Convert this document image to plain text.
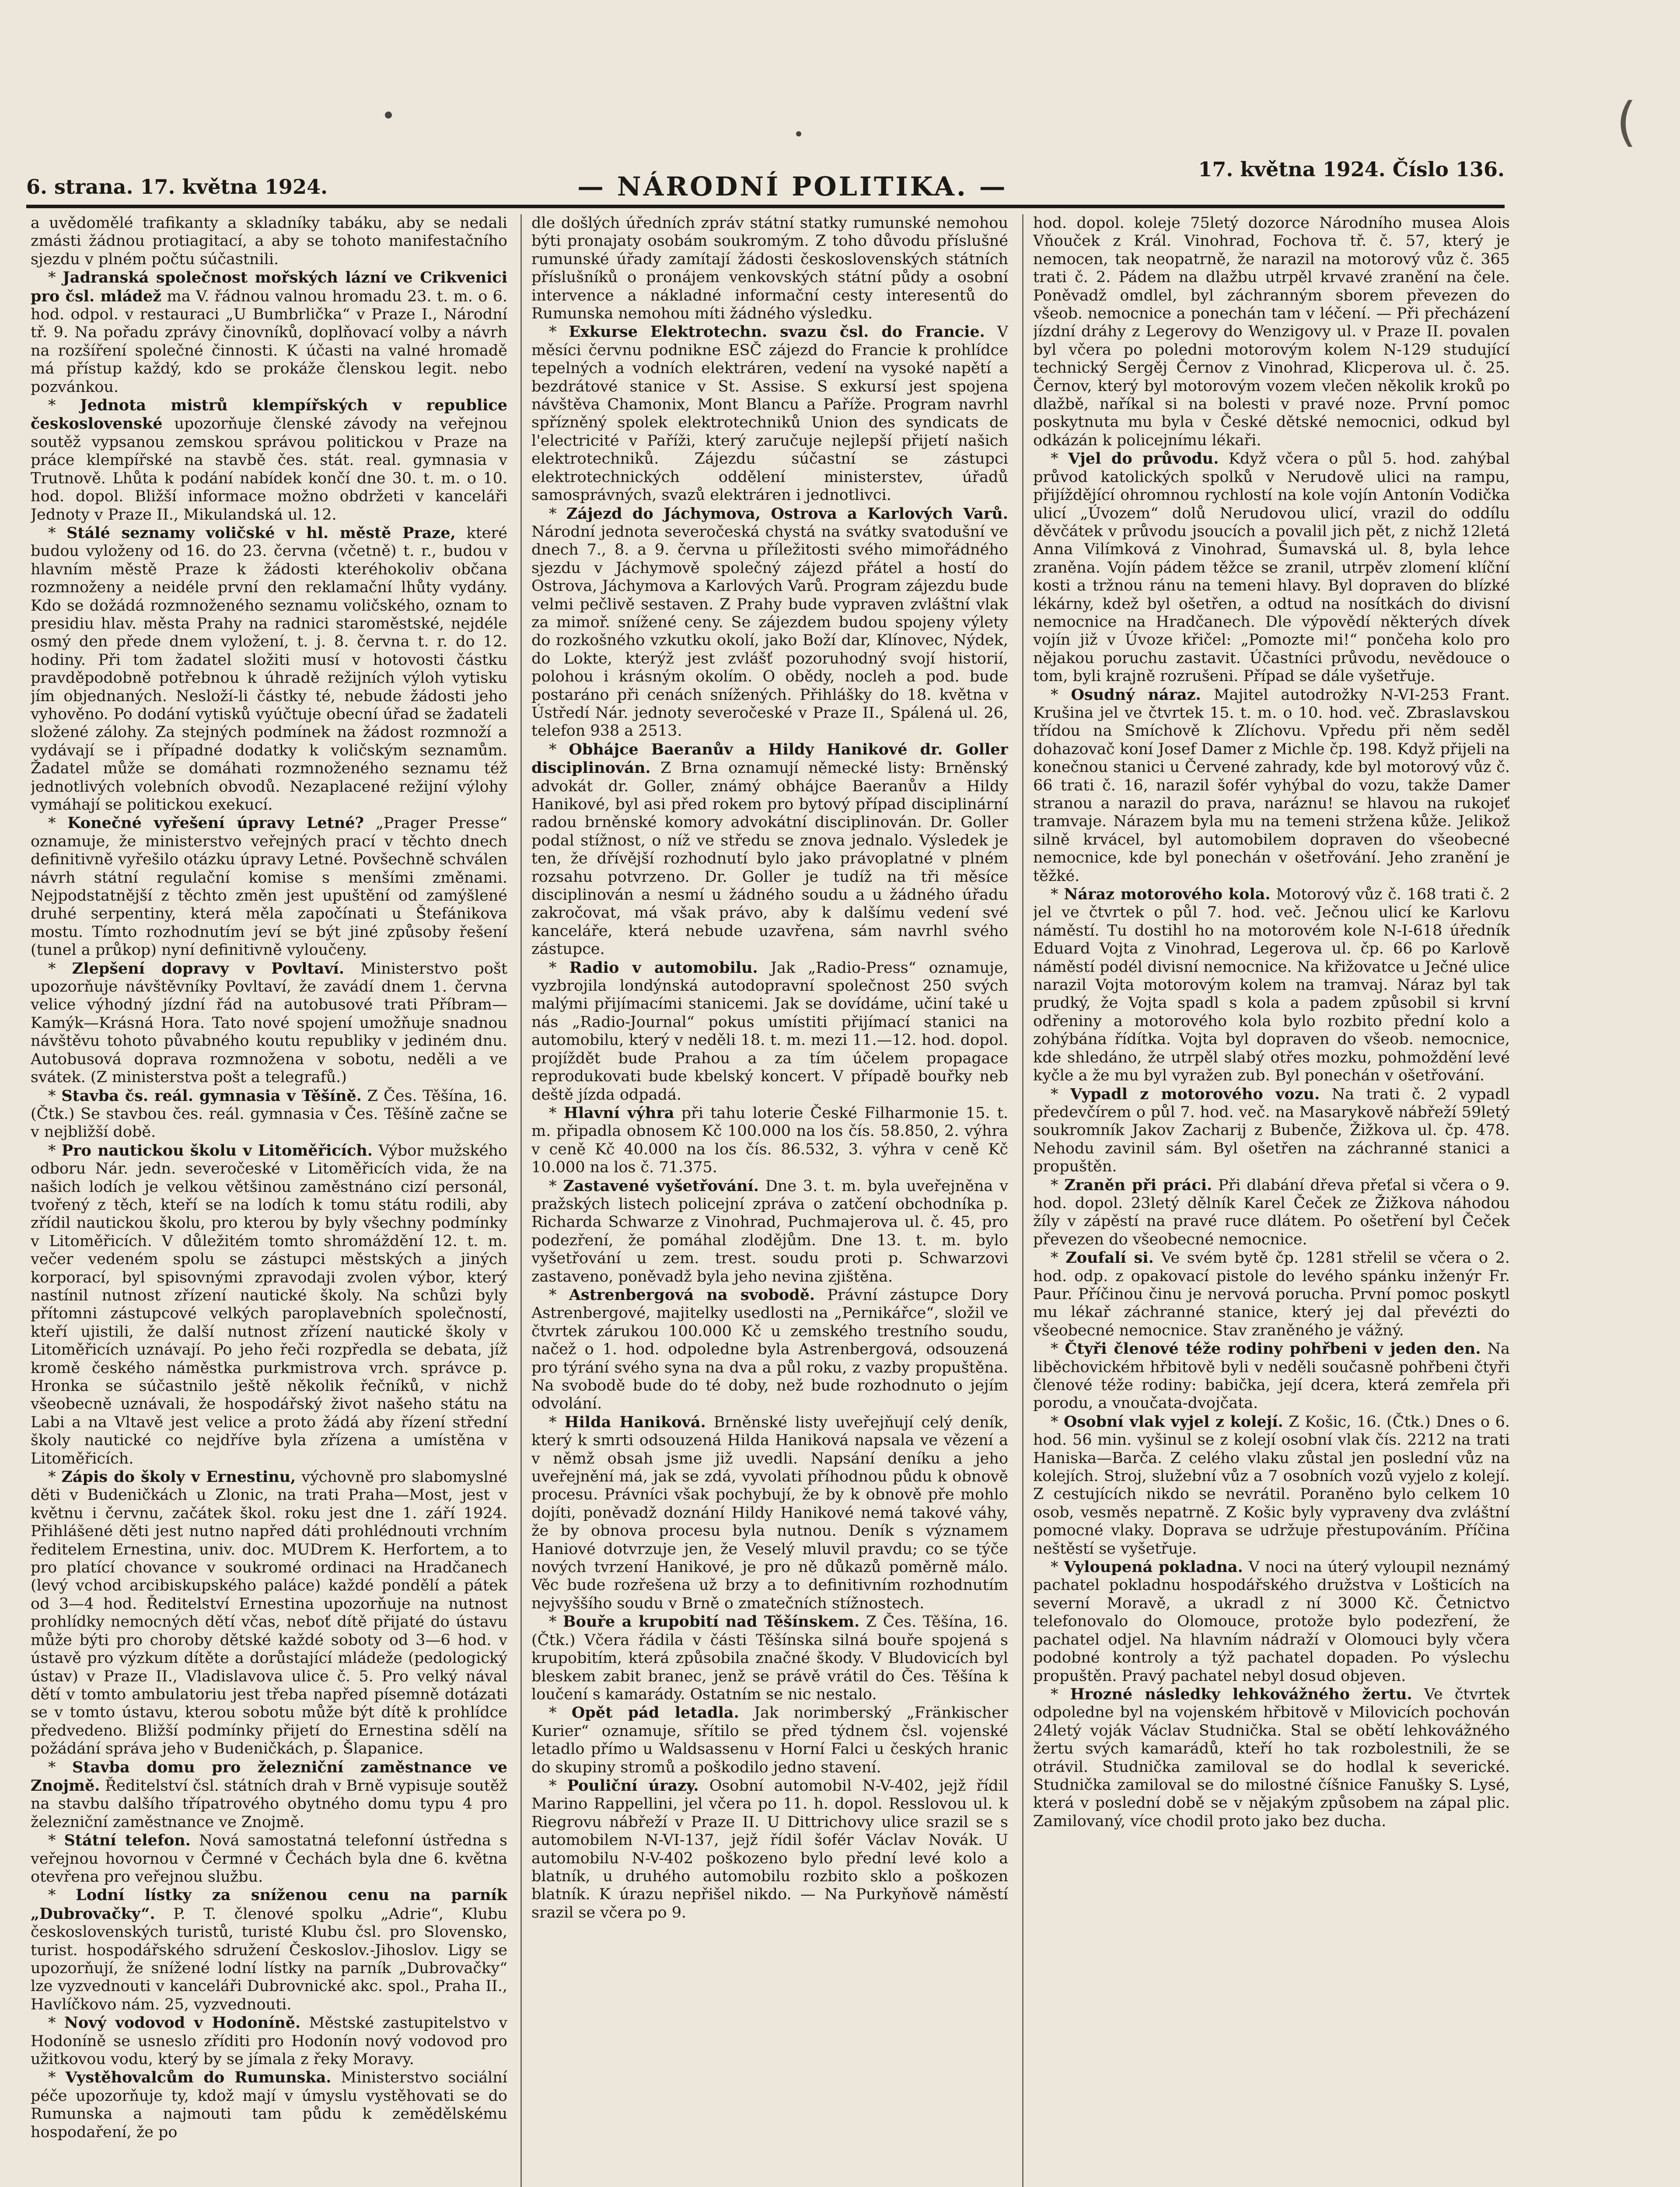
(
6. strana. 17. května 1924.	— NÁRODNÍ POLITIKA. —
17. května 1924. Číslo 136.

a uvědomělé trafikanty a skladníky tabáku, aby se nedali zmásti žádnou protiagitací, a aby se tohoto manifestačního sjezdu v plném počtu súčastnili.

* Jadranská společnost mořských lázní ve Crikvenici pro čsl. mládež ma V. řádnou valnou hromadu 23. t. m. o 6. hod. odpol. v restauraci „U Bumbrlička“ v Praze I., Národní tř. 9. Na pořadu zprávy činovníků, doplňovací volby a návrh na rozšíření společné činnosti. K účasti na valné hromadě má přístup každý, kdo se prokáže členskou legit. nebo pozvánkou.

* Jednota mistrů klempířských v republice československé upozorňuje členské závody na veřejnou soutěž vypsanou zemskou správou politickou v Praze na práce klempířské na stavbě čes. stát. real. gymnasia v Trutnově. Lhůta k podání nabídek končí dne 30. t. m. o 10. hod. dopol. Bližší informace možno obdržeti v kanceláři Jednoty v Praze II., Mikulandská ul. 12.

* Stálé seznamy voličské v hl. městě Praze, které budou vyloženy od 16. do 23. června (včetně) t. r., budou v hlavním městě Praze k žádosti kteréhokoliv občana rozmnoženy a neidéle první den reklamační lhůty vydány. Kdo se dožádá rozmnoženého seznamu voličského, oznam to presidiu hlav. města Prahy na radnici staroměstské, nejdéle osmý den přede dnem vyložení, t. j. 8. června t. r. do 12. hodiny. Při tom žadatel složiti musí v hotovosti částku pravděpodobně potřebnou k úhradě režijních výloh vytisku jím objednaných. Nesloží-li částky té, nebude žádosti jeho vyhověno. Po dodání vytisků vyúčtuje obecní úřad se žadateli složené zálohy. Za stejných podmínek na žádost rozmnoží a vydávají se i případné dodatky k voličským seznamům. Žadatel může se domáhati rozmnoženého seznamu též jednotlivých volebních obvodů. Nezaplacené režijní výlohy vymáhají se politickou exekucí.

* Konečné vyřešení úpravy Letné? „Prager Presse“ oznamuje, že ministerstvo veřejných prací v těchto dnech definitivně vyřešilo otázku úpravy Letné. Povšechně schválen návrh státní regulační komise s menšími změnami. Nejpodstatnější z těchto změn jest upuštění od zamýšlené druhé serpentiny, která měla započínati u Štefánikova mostu. Tímto rozhodnutím jeví se být jiné způsoby řešení (tunel a průkop) nyní definitivně vyloučeny.

* Zlepšení dopravy v Povltaví. Ministerstvo pošt upozorňuje návštěvníky Povltaví, že zavádí dnem 1. června velice výhodný jízdní řád na autobusové trati Příbram—Kamýk—Krásná Hora. Tato nové spojení umožňuje snadnou návštěvu tohoto půvabného koutu republiky v jediném dnu. Autobusová doprava rozmnožena v sobotu, neděli a ve svátek. (Z ministerstva pošt a telegrafů.)

* Stavba čs. reál. gymnasia v Těšíně. Z Čes. Těšína, 16. (Čtk.) Se stavbou čes. reál. gymnasia v Čes. Těšíně začne se v nejbližší době.

* Pro nautickou školu v Litoměřicích. Výbor mužského odboru Nár. jedn. severočeské v Litoměřicích vida, že na našich lodích je velkou většinou zaměstnáno cizí personál, tvořený z těch, kteří se na lodích k tomu státu rodili, aby zřídil nautickou školu, pro kterou by byly všechny podmínky v Litoměřicích. V důležitém tomto shromáždění 12. t. m. večer vedeném spolu se zástupci městských a jiných korporací, byl spisovnými zpravodaji zvolen výbor, který nastínil nutnost zřízení nautické školy. Na schůzi byly přítomni zástupcové velkých paroplavebních společností, kteří ujistili, že další nutnost zřízení nautické školy v Litoměřicích uznávají. Po jeho řeči rozpředla se debata, jíž kromě českého náměstka purkmistrova vrch. správce p. Hronka se súčastnilo ještě několik řečníků, v nichž všeobecně uznávali, že hospodářský život našeho státu na Labi a na Vltavě jest velice a proto žádá aby řízení střední školy nautické co nejdříve byla zřízena a umístěna v Litoměřicích.

* Zápis do školy v Ernestinu, výchovně pro slabomyslné děti v Budeničkách u Zlonic, na trati Praha—Most, jest v květnu i červnu, začátek škol. roku jest dne 1. září 1924. Přihlášené děti jest nutno napřed dáti prohlédnouti vrchním ředitelem Ernestina, univ. doc. MUDrem K. Herfortem, a to pro platící chovance v soukromé ordinaci na Hradčanech (levý vchod arcibiskupského paláce) každé pondělí a pátek od 3—4 hod. Ředitelství Ernestina upozorňuje na nutnost prohlídky nemocných dětí včas, neboť dítě přijaté do ústavu může býti pro choroby dětské každé soboty od 3—6 hod. v ústavě pro výzkum dítěte a dorůstající mládeže (pedologický ústav) v Praze II., Vladislavova ulice č. 5. Pro velký nával dětí v tomto ambulatoriu jest třeba napřed písemně dotázati se v tomto ústavu, kterou sobotu může být dítě k prohlídce předvedeno. Bližší podmínky přijetí do Ernestina sdělí na požádání správa jeho v Budeničkách, p. Šlapanice.

* Stavba domu pro železniční zaměstnance ve Znojmě. Ředitelství čsl. státních drah v Brně vypisuje soutěž na stavbu dalšího třípatrového obytného domu typu 4 pro železniční zaměstnance ve Znojmě.

* Státní telefon. Nová samostatná telefonní ústředna s veřejnou hovornou v Čermné v Čechách byla dne 6. května otevřena pro veřejnou službu.

* Lodní lístky za sníženou cenu na parník „Dubrovačky“. P. T. členové spolku „Adrie“, Klubu československých turistů, turisté Klubu čsl. pro Slovensko, turist. hospodářského sdružení Českoslov.-Jihoslov. Ligy se upozorňují, že snížené lodní lístky na parník „Dubrovačky“ lze vyzvednouti v kanceláři Dubrovnické akc. spol., Praha II., Havlíčkovo nám. 25, vyzvednouti.

* Nový vodovod v Hodoníně. Městské zastupitelstvo v Hodoníně se usneslo zříditi pro Hodonín nový vodovod pro užitkovou vodu, který by se jímala z řeky Moravy.

* Vystěhovalcům do Rumunska. Ministerstvo sociální péče upozorňuje ty, kdož mají v úmyslu vystěhovati se do Rumunska a najmouti tam půdu k zemědělskému hospodaření, že po

dle došlých úředních zpráv státní statky rumunské nemohou býti pronajaty osobám soukromým. Z toho důvodu příslušné rumunské úřady zamítají žádosti československých státních příslušníků o pronájem venkovských státní půdy a osobní intervence a nákladné informační cesty interesentů do Rumunska nemohou míti žádného výsledku.

* Exkurse Elektrotechn. svazu čsl. do Francie. V měsíci červnu podnikne ESČ zájezd do Francie k prohlídce tepelných a vodních elektráren, vedení na vysoké napětí a bezdrátové stanice v St. Assise. S exkursí jest spojena návštěva Chamonix, Mont Blancu a Paříže. Program navrhl spřízněný spolek elektrotechniků Union des syndicats de l'electricité v Paříži, který zaručuje nejlepší přijetí našich elektrotechniků. Zájezdu súčastní se zástupci elektrotechnických oddělení ministerstev, úřadů samosprávných, svazů elektráren i jednotlivci.

* Zájezd do Jáchymova, Ostrova a Karlových Varů. Národní jednota severočeská chystá na svátky svatodušní ve dnech 7., 8. a 9. června u příležitosti svého mimořádného sjezdu v Jáchymově společný zájezd přátel a hostí do Ostrova, Jáchymova a Karlových Varů. Program zájezdu bude velmi pečlivě sestaven. Z Prahy bude vypraven zvláštní vlak za mimoř. snížené ceny. Se zájezdem budou spojeny výlety do rozkošného vzkutku okolí, jako Boží dar, Klínovec, Nýdek, do Lokte, kterýž jest zvlášť pozoruhodný svojí historií, polohou i krásným okolím. O obědy, nocleh a pod. bude postaráno při cenách snížených. Přihlášky do 18. května v Ústředí Nár. jednoty severočeské v Praze II., Spálená ul. 26, telefon 938 a 2513.

* Obhájce Baeranův a Hildy Hanikové dr. Goller disciplinován. Z Brna oznamují německé listy: Brněnský advokát dr. Goller, známý obhájce Baeranův a Hildy Hanikové, byl asi před rokem pro bytový případ disciplinární radou brněnské komory advokátní disciplinován. Dr. Goller podal stížnost, o níž ve středu se znova jednalo. Výsledek je ten, že dřívější rozhodnutí bylo jako právoplatné v plném rozsahu potvrzeno. Dr. Goller je tudíž na tři měsíce disciplinován a nesmí u žádného soudu a u žádného úřadu zakročovat, má však právo, aby k dalšímu vedení své kanceláře, která nebude uzavřena, sám navrhl svého zástupce.

* Radio v automobilu. Jak „Radio-Press“ oznamuje, vyzbrojila londýnská autodopravní společnost 250 svých malými přijímacími stanicemi. Jak se dovídáme, učiní také u nás „Radio-Journal“ pokus umístiti přijímací stanici na automobilu, který v neděli 18. t. m. mezi 11.—12. hod. dopol. projíždět bude Prahou a za tím účelem propagace reprodukovati bude kbelský koncert. V případě bouřky neb deště jízda odpadá.

* Hlavní výhra při tahu loterie České Filharmonie 15. t. m. připadla obnosem Kč 100.000 na los čís. 58.850, 2. výhra v ceně Kč 40.000 na los čís. 86.532, 3. výhra v ceně Kč 10.000 na los č. 71.375.

* Zastavené vyšetřování. Dne 3. t. m. byla uveřejněna v pražských listech policejní zpráva o zatčení obchodníka p. Richarda Schwarze z Vinohrad, Puchmajerova ul. č. 45, pro podezření, že pomáhal zlodějům. Dne 13. t. m. bylo vyšetřování u zem. trest. soudu proti p. Schwarzovi zastaveno, poněvadž byla jeho nevina zjištěna.

* Astrenbergová na svobodě. Právní zástupce Dory Astrenbergové, majitelky usedlosti na „Pernikářce“, složil ve čtvrtek zárukou 100.000 Kč u zemského trestního soudu, načež o 1. hod. odpoledne byla Astrenbergová, odsouzená pro týrání svého syna na dva a půl roku, z vazby propuštěna. Na svobodě bude do té doby, než bude rozhodnuto o jejím odvolání.

* Hilda Haniková. Brněnské listy uveřejňují celý deník, který k smrti odsouzená Hilda Haniková napsala ve vězení a v němž obsah jsme již uvedli. Napsání deníku a jeho uveřejnění má, jak se zdá, vyvolati příhodnou půdu k obnově procesu. Právníci však pochybují, že by k obnově pře mohlo dojíti, poněvadž doznání Hildy Hanikové nemá takové váhy, že by obnova procesu byla nutnou. Deník s významem Haniové dotvrzuje jen, že Veselý mluvil pravdu; co se týče nových tvrzení Hanikové, je pro ně důkazů poměrně málo. Věc bude rozřešena už brzy a to definitivním rozhodnutím nejvyššího soudu v Brně o zmatečních stížnostech.

* Bouře a krupobití nad Těšínskem. Z Čes. Těšína, 16. (Čtk.) Včera řádila v části Těšínska silná bouře spojená s krupobitím, která způsobila značné škody. V Bludovicích byl bleskem zabit branec, jenž se právě vrátil do Čes. Těšína k loučení s kamarády. Ostatním se nic nestalo.

* Opět pád letadla. Jak norimberský „Fränkischer Kurier“ oznamuje, sřítilo se před týdnem čsl. vojenské letadlo přímo u Waldsassenu v Horní Falci u českých hranic do skupiny stromů a poškodilo jedno stavení.

* Pouliční úrazy. Osobní automobil N-V-402, jejž řídil Marino Rappellini, jel včera po 11. h. dopol. Resslovou ul. k Riegrovu nábřeží v Praze II. U Dittrichovy ulice srazil se s automobilem N-VI-137, jejž řídil šofér Václav Novák. U automobilu N-V-402 poškozeno bylo přední levé kolo a blatník, u druhého automobilu rozbito sklo a poškozen blatník. K úrazu nepřišel nikdo. — Na Purkyňově náměstí srazil se včera po 9.

hod. dopol. koleje 75letý dozorce Národního musea Alois Vňouček z Král. Vinohrad, Fochova tř. č. 57, který je nemocen, tak neopatrně, že narazil na motorový vůz č. 365 trati č. 2. Pádem na dlažbu utrpěl krvavé zranění na čele. Poněvadž omdlel, byl záchranným sborem převezen do všeob. nemocnice a ponechán tam v léčení. — Při přecházení jízdní dráhy z Legerovy do Wenzigovy ul. v Praze II. povalen byl včera po poledni motorovým kolem N-129 studující technický Sergěj Černov z Vinohrad, Klicperova ul. č. 25. Černov, který byl motorovým vozem vlečen několik kroků po dlažbě, naříkal si na bolesti v pravé noze. První pomoc poskytnuta mu byla v České dětské nemocnici, odkud byl odkázán k policejnímu lékaři.

* Vjel do průvodu. Když včera o půl 5. hod. zahýbal průvod katolických spolků v Nerudově ulici na rampu, přijíždějící ohromnou rychlostí na kole vojín Antonín Vodička ulicí „Úvozem“ dolů Nerudovou ulicí, vrazil do oddílu děvčátek v průvodu jsoucích a povalil jich pět, z nichž 12letá Anna Vilímková z Vinohrad, Šumavská ul. 8, byla lehce zraněna. Vojín pádem těžce se zranil, utrpěv zlomení klíční kosti a tržnou ránu na temeni hlavy. Byl dopraven do blízké lékárny, kdež byl ošetřen, a odtud na nosítkách do divisní nemocnice na Hradčanech. Dle výpovědí některých dívek vojín již v Úvoze křičel: „Pomozte mi!“ pončeha kolo pro nějakou poruchu zastavit. Účastníci průvodu, nevědouce o tom, byli krajně rozrušeni. Případ se dále vyšetřuje.

* Osudný náraz. Majitel autodrožky N-VI-253 Frant. Krušina jel ve čtvrtek 15. t. m. o 10. hod. več. Zbraslavskou třídou na Smíchově k Zlíchovu. Vpředu při něm seděl dohazovač koní Josef Damer z Michle čp. 198. Když přijeli na konečnou stanici u Červené zahrady, kde byl motorový vůz č. 66 trati č. 16, narazil šofér vyhýbal do vozu, takže Damer stranou a narazil do prava, naráznu! se hlavou na rukojeť tramvaje. Nárazem byla mu na temeni stržena kůže. Jelikož silně krvácel, byl automobilem dopraven do všeobecné nemocnice, kde byl ponechán v ošetřování. Jeho zranění je těžké.

* Náraz motorového kola. Motorový vůz č. 168 trati č. 2 jel ve čtvrtek o půl 7. hod. več. Ječnou ulicí ke Karlovu náměstí. Tu dostihl ho na motorovém kole N-I-618 úředník Eduard Vojta z Vinohrad, Legerova ul. čp. 66 po Karlově náměstí podél divisní nemocnice. Na křižovatce u Ječné ulice narazil Vojta motorovým kolem na tramvaj. Náraz byl tak prudký, že Vojta spadl s kola a padem způsobil si krvní odřeniny a motorového kola bylo rozbito přední kolo a zohýbána řídítka. Vojta byl dopraven do všeob. nemocnice, kde shledáno, že utrpěl slabý otřes mozku, pohmoždění levé kyčle a že mu byl vyražen zub. Byl ponechán v ošetřování.

* Vypadl z motorového vozu. Na trati č. 2 vypadl předevčírem o půl 7. hod. več. na Masarykově nábřeží 59letý soukromník Jakov Zacharij z Bubenče, Žižkova ul. čp. 478. Nehodu zavinil sám. Byl ošetřen na záchranné stanici a propuštěn.

* Zraněn při práci. Při dlabání dřeva přeťal si včera o 9. hod. dopol. 23letý dělník Karel Čeček ze Žižkova náhodou žíly v zápěstí na pravé ruce dlátem. Po ošetření byl Čeček převezen do všeobecné nemocnice.

* Zoufalí si. Ve svém bytě čp. 1281 střelil se včera o 2. hod. odp. z opakovací pistole do levého spánku inženýr Fr. Paur. Příčinou činu je nervová porucha. První pomoc poskytl mu lékař záchranné stanice, který jej dal převézti do všeobecné nemocnice. Stav zraněného je vážný.

* Čtyři členové téže rodiny pohřbeni v jeden den. Na liběchovickém hřbitově byli v neděli současně pohřbeni čtyři členové téže rodiny: babička, její dcera, která zemřela při porodu, a vnoučata-dvojčata.

* Osobní vlak vyjel z kolejí. Z Košic, 16. (Čtk.) Dnes o 6. hod. 56 min. vyšinul se z kolejí osobní vlak čís. 2212 na trati Haniska—Barča. Z celého vlaku zůstal jen poslední vůz na kolejích. Stroj, služební vůz a 7 osobních vozů vyjelo z kolejí. Z cestujících nikdo se nevrátil. Poraněno bylo celkem 10 osob, vesměs nepatrně. Z Košic byly vypraveny dva zvláštní pomocné vlaky. Doprava se udržuje přestupováním. Příčina neštěstí se vyšetřuje.

* Vyloupená pokladna. V noci na úterý vyloupil neznámý pachatel pokladnu hospodářského družstva v Lošticích na severní Moravě, a ukradl z ní 3000 Kč. Četnictvo telefonovalo do Olomouce, protože bylo podezření, že pachatel odjel. Na hlavním nádraží v Olomouci byly včera podobné kontroly a týž pachatel dopaden. Po výslechu propuštěn. Pravý pachatel nebyl dosud objeven.

* Hrozné následky lehkovážného žertu. Ve čtvrtek odpoledne byl na vojenském hřbitově v Milovicích pochován 24letý voják Václav Studnička. Stal se obětí lehkovážného žertu svých kamarádů, kteří ho tak rozbolestnili, že se otrávil. Studnička zamiloval se do hodlal k severické. Studnička zamiloval se do milostné číšnice Fanušky S. Lysé, která v poslední době se v nějakým způsobem na zápal plic. Zamilovaný, více chodil proto jako bez ducha.
